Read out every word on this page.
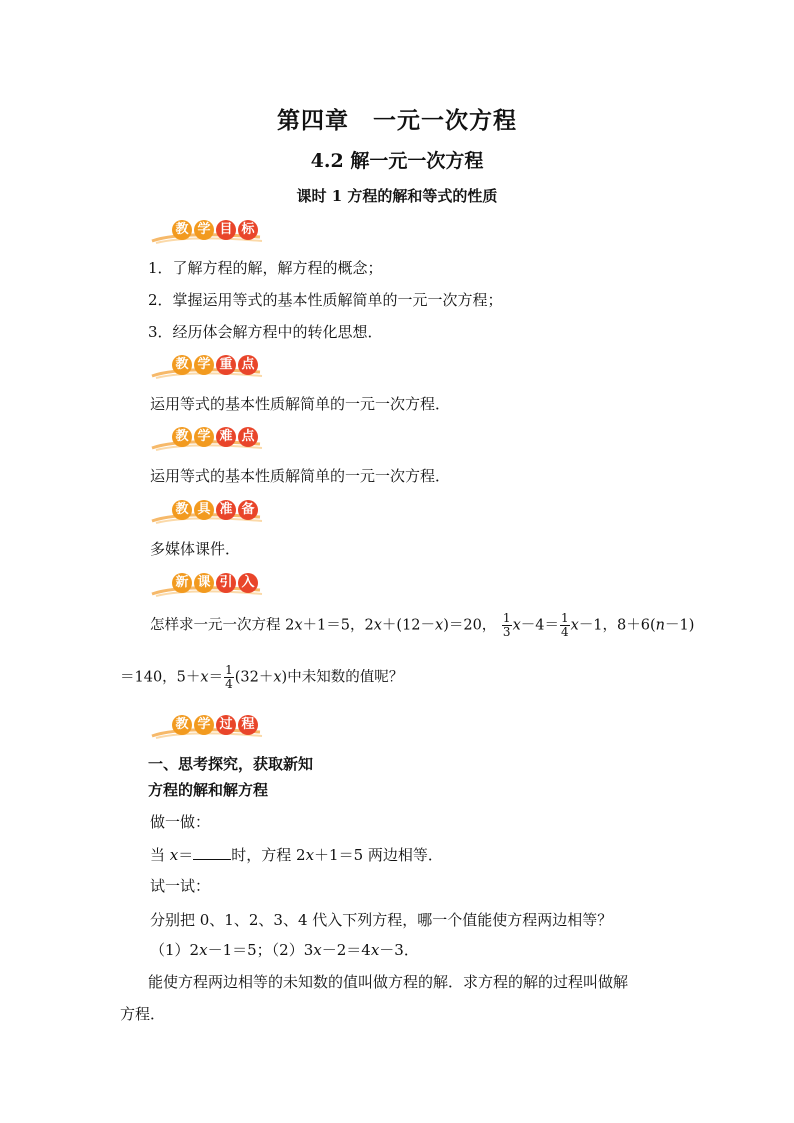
第四章　一元一次方程
4.2 解一元一次方程
课时 1 方程的解和等式的性质
教 学 目 标
1．了解方程的解，解方程的概念；
2．掌握运用等式的基本性质解简单的一元一次方程；
3．经历体会解方程中的转化思想．
教 学 重 点
运用等式的基本性质解简单的一元一次方程．
教 学 难 点
运用等式的基本性质解简单的一元一次方程．
教 具 准 备
多媒体课件．
新 课 引 入
怎样求一元一次方程 2x＋1＝5，2x＋(12－x)＝20， $\frac{1}{3} x-4= \frac{1}{4} x-1$，8＋6(n－1)
＝140，$5+x= \frac{1}{4} (32+x)$中未知数的值呢？
教 学 过 程
一、思考探究，获取新知
方程的解和解方程
做一做：
当 x＝	时，方程 2x＋1＝5 两边相等．
试一试：
分别把 0、1、2、3、4 代入下列方程，哪一个值能使方程两边相等？
（1）2x－1＝5；（2）3x－2＝4x－3．
能使方程两边相等的未知数的值叫做方程的解．求方程的解的过程叫做解
方程．
